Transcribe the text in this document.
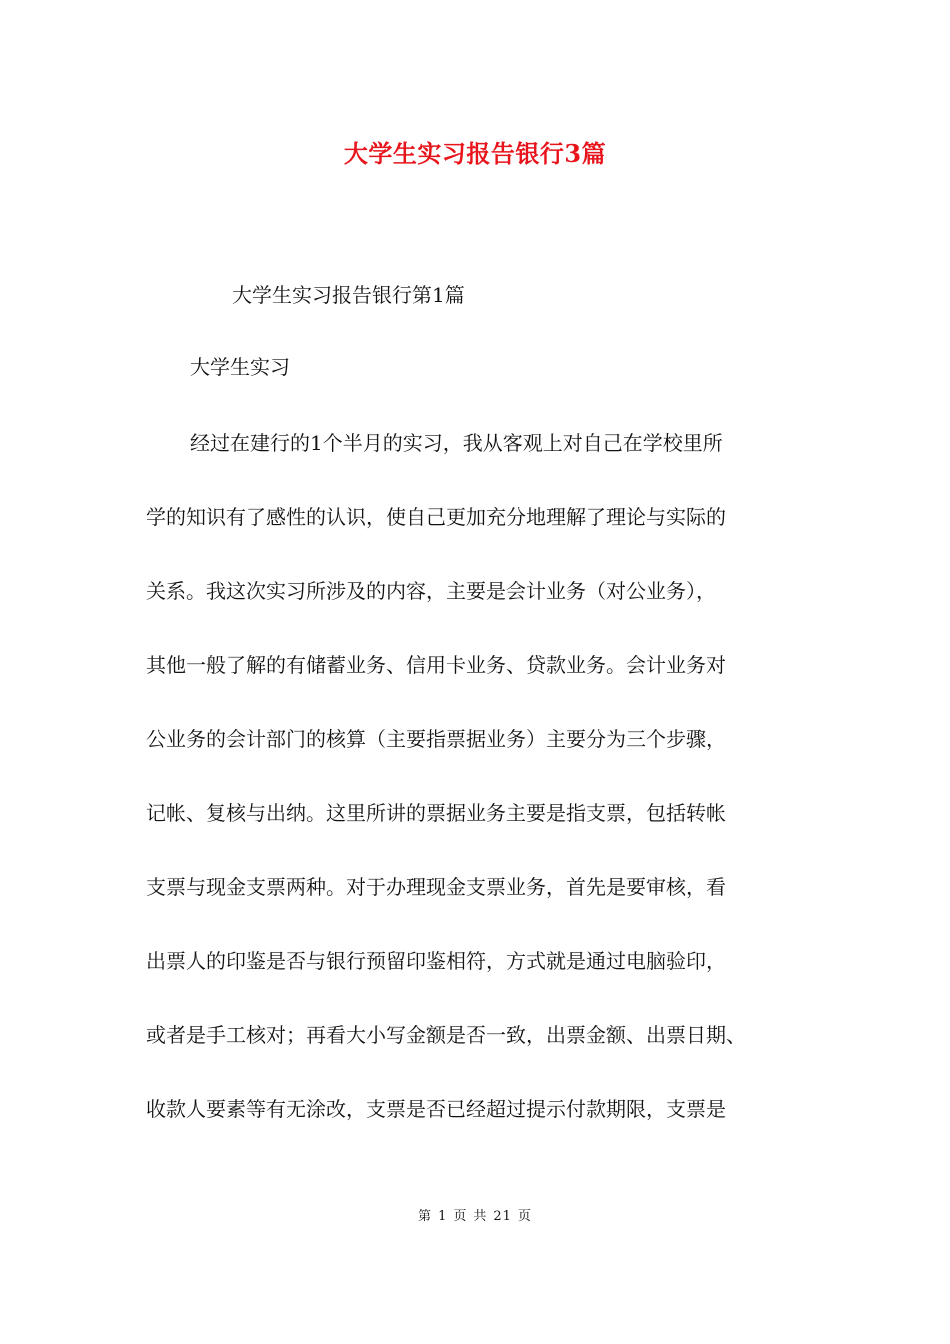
大学生实习报告银行3篇
大学生实习报告银行第1篇
大学生实习
经过在建行的1个半月的实习，我从客观上对自己在学校里所
学的知识有了感性的认识，使自己更加充分地理解了理论与实际的
关系。我这次实习所涉及的内容，主要是会计业务（对公业务），
其他一般了解的有储蓄业务、信用卡业务、贷款业务。会计业务对
公业务的会计部门的核算（主要指票据业务）主要分为三个步骤，
记帐、复核与出纳。这里所讲的票据业务主要是指支票，包括转帐
支票与现金支票两种。对于办理现金支票业务，首先是要审核，看
出票人的印鉴是否与银行预留印鉴相符，方式就是通过电脑验印，
或者是手工核对；再看大小写金额是否一致，出票金额、出票日期、
收款人要素等有无涂改，支票是否已经超过提示付款期限，支票是
第 1 页 共 21 页
